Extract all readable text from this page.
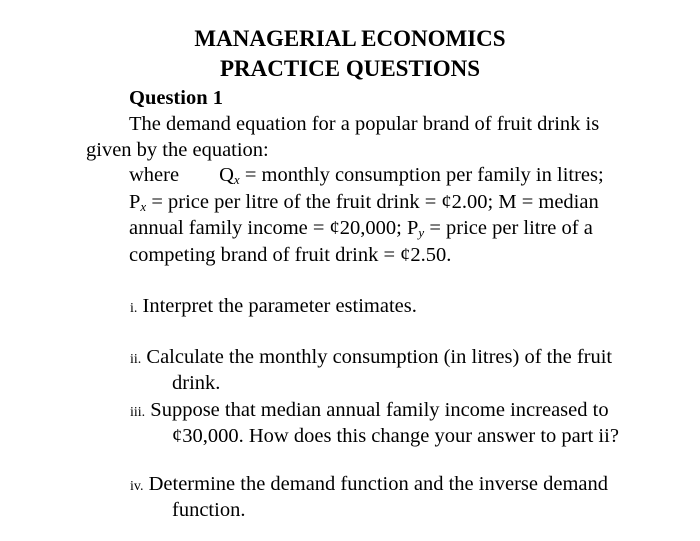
MANAGERIAL ECONOMICS
PRACTICE QUESTIONS
Question 1
The demand equation for a popular brand of fruit drink is
given by the equation:
where $Q_x$ = monthly consumption per family in litres;
$P_x$ = price per litre of the fruit drink = ¢2.00; M = median
annual family income = ¢20,000; $P_y$ = price per litre of a
competing brand of fruit drink = ¢2.50.
i. Interpret the parameter estimates.
ii. Calculate the monthly consumption (in litres) of the fruit
drink.
iii. Suppose that median annual family income increased to
¢30,000. How does this change your answer to part ii?
iv. Determine the demand function and the inverse demand
function.
